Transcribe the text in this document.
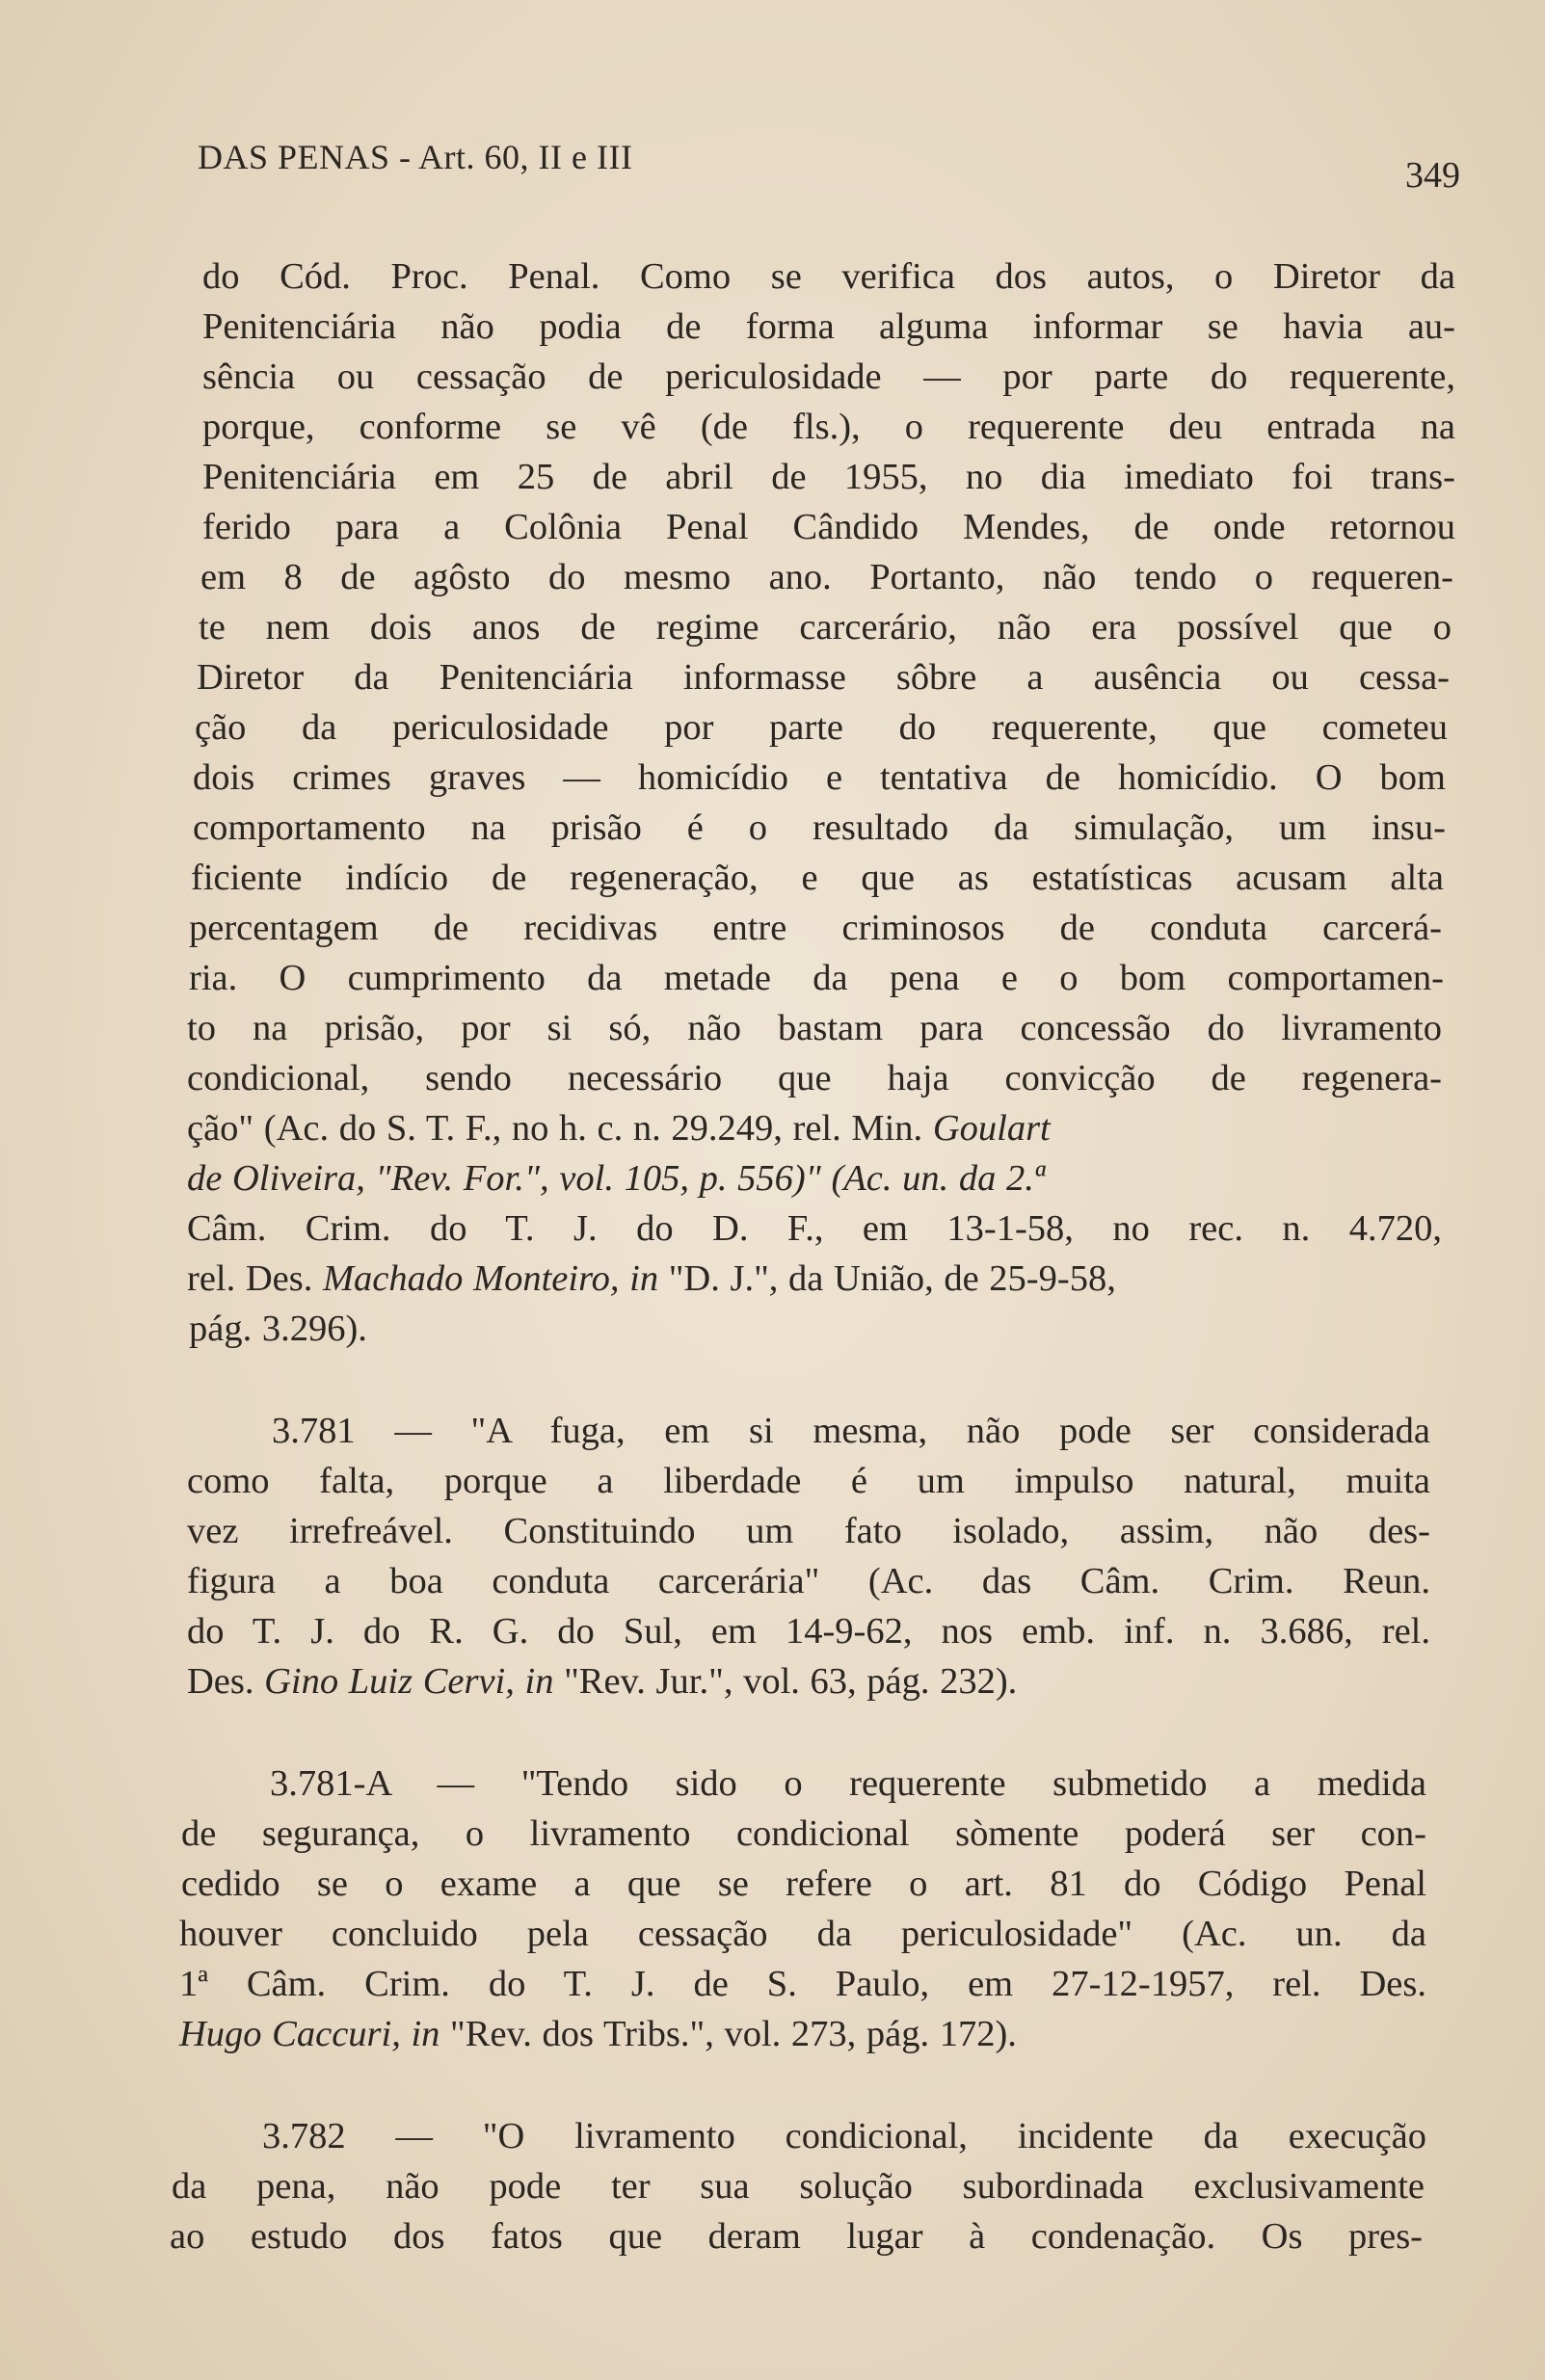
DAS PENAS - Art. 60, II e III	349
do Cód. Proc. Penal. Como se verifica dos autos, o Diretor da
Penitenciária não podia de forma alguma informar se havia au-
sência ou cessação de periculosidade — por parte do requerente,
porque, conforme se vê (de fls.), o requerente deu entrada na
Penitenciária em 25 de abril de 1955, no dia imediato foi trans-
ferido para a Colônia Penal Cândido Mendes, de onde retornou
em 8 de agôsto do mesmo ano. Portanto, não tendo o requeren-
te nem dois anos de regime carcerário, não era possível que o
Diretor da Penitenciária informasse sôbre a ausência ou cessa-
ção da periculosidade por parte do requerente, que cometeu
dois crimes graves — homicídio e tentativa de homicídio. O bom
comportamento na prisão é o resultado da simulação, um insu-
ficiente indício de regeneração, e que as estatísticas acusam alta
percentagem de recidivas entre criminosos de conduta carcerá-
ria. O cumprimento da metade da pena e o bom comportamen-
to na prisão, por si só, não bastam para concessão do livramento
condicional, sendo necessário que haja convicção de regenera-
ção" (Ac. do S. T. F., no h. c. n. 29.249, rel. Min. Goulart
de Oliveira, "Rev. For.", vol. 105, p. 556)" (Ac. un. da 2.ª
Câm. Crim. do T. J. do D. F., em 13-1-58, no rec. n. 4.720,
rel. Des. Machado Monteiro, in "D. J.", da União, de 25-9-58,
pág. 3.296).
3.781 — "A fuga, em si mesma, não pode ser considerada
como falta, porque a liberdade é um impulso natural, muita
vez irrefreável. Constituindo um fato isolado, assim, não des-
figura a boa conduta carcerária" (Ac. das Câm. Crim. Reun.
do T. J. do R. G. do Sul, em 14-9-62, nos emb. inf. n. 3.686, rel.
Des. Gino Luiz Cervi, in "Rev. Jur.", vol. 63, pág. 232).
3.781-A — "Tendo sido o requerente submetido a medida
de segurança, o livramento condicional sòmente poderá ser con-
cedido se o exame a que se refere o art. 81 do Código Penal
houver concluido pela cessação da periculosidade" (Ac. un. da
1ª Câm. Crim. do T. J. de S. Paulo, em 27-12-1957, rel. Des.
Hugo Caccuri, in "Rev. dos Tribs.", vol. 273, pág. 172).
3.782 — "O livramento condicional, incidente da execução
da pena, não pode ter sua solução subordinada exclusivamente
ao estudo dos fatos que deram lugar à condenação. Os pres-
